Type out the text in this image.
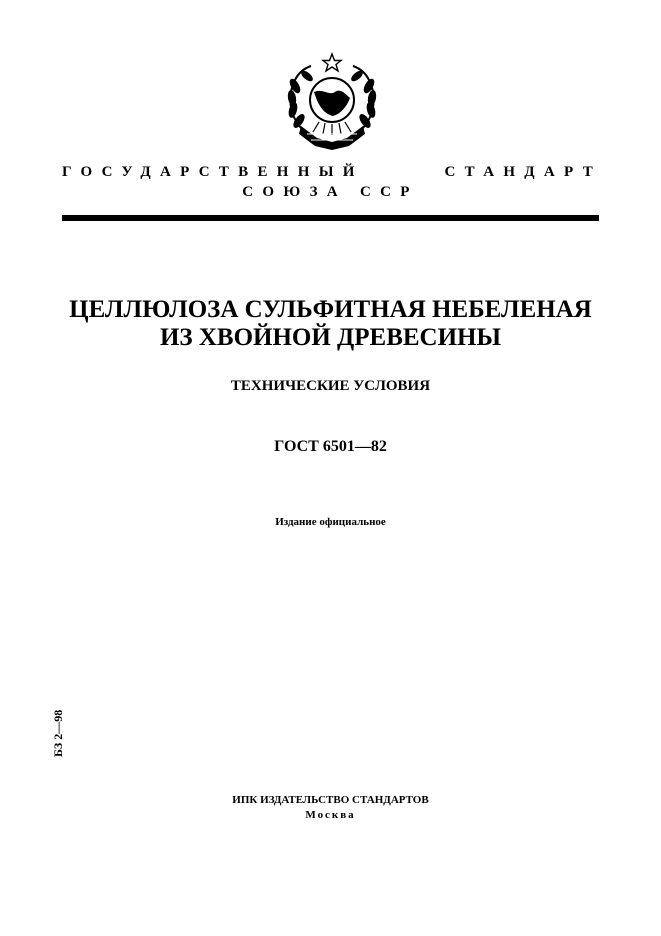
ГОСУДАРСТВЕННЫЙ	СТАНДАРТ
СОЮЗА ССР
ЦЕЛЛЮЛОЗА СУЛЬФИТНАЯ НЕБЕЛЕНАЯ
ИЗ ХВОЙНОЙ ДРЕВЕСИНЫ
ТЕХНИЧЕСКИЕ УСЛОВИЯ
ГОСТ 6501—82
Издание официальное
БЗ 2—98
ИПК ИЗДАТЕЛЬСТВО СТАНДАРТОВ
Москва
